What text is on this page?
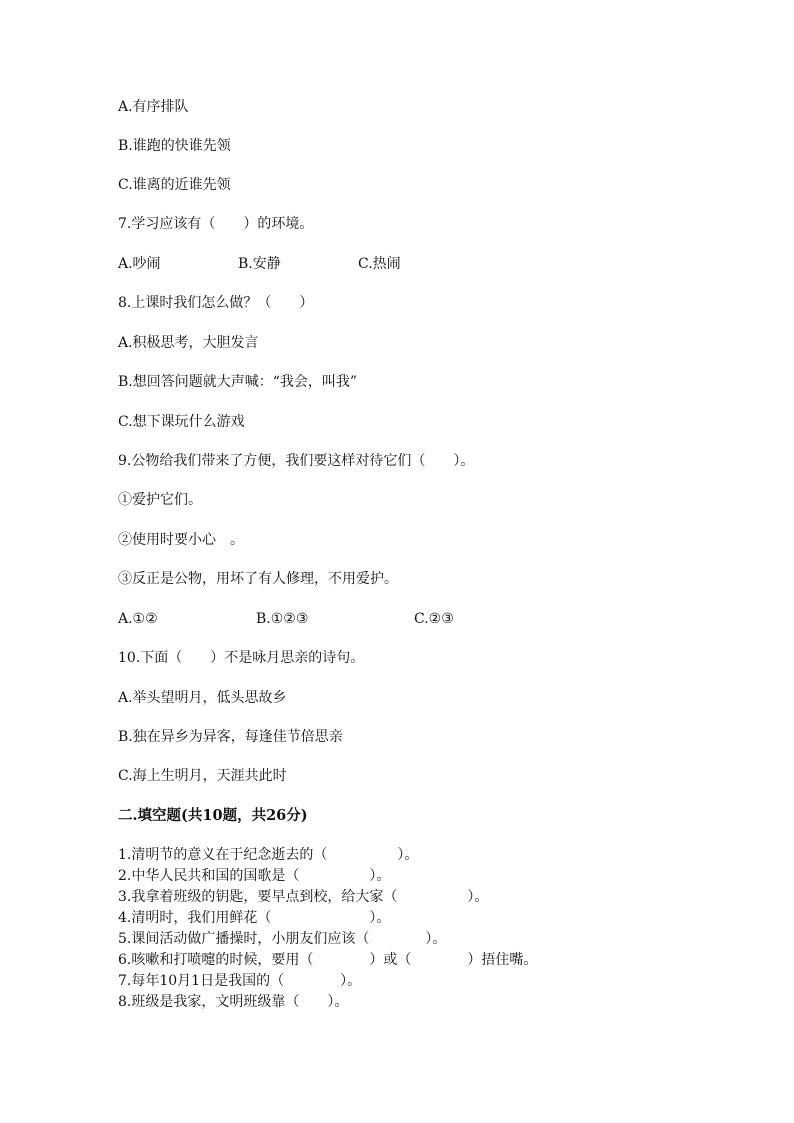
A.有序排队
B.谁跑的快谁先领
C.谁离的近谁先领
7.学习应该有（　　）的环境。
A.吵闹	B.安静	C.热闹
8.上课时我们怎么做？（　　）
A.积极思考，大胆发言
B.想回答问题就大声喊：“我会，叫我”
C.想下课玩什么游戏
9.公物给我们带来了方便，我们要这样对待它们（　　）。
①爱护它们。
②使用时要小心　。
③反正是公物，用坏了有人修理，不用爱护。
A.①②	B.①②③	C.②③
10.下面（　　）不是咏月思亲的诗句。
A.举头望明月，低头思故乡
B.独在异乡为异客，每逢佳节倍思亲
C.海上生明月，天涯共此时
二.填空题(共10题，共26分)
1.清明节的意义在于纪念逝去的（　　　　　）。
2.中华人民共和国的国歌是（　　　　　）。
3.我拿着班级的钥匙，要早点到校，给大家（　　　　　）。
4.清明时，我们用鲜花（　　　　　　　）。
5.课间活动做广播操时，小朋友们应该（　　　　）。
6.咳嗽和打喷嚏的时候，要用（　　　　）或（　　　　）捂住嘴。
7.每年10月1日是我国的（　　　　）。
8.班级是我家，文明班级靠（　　）。
